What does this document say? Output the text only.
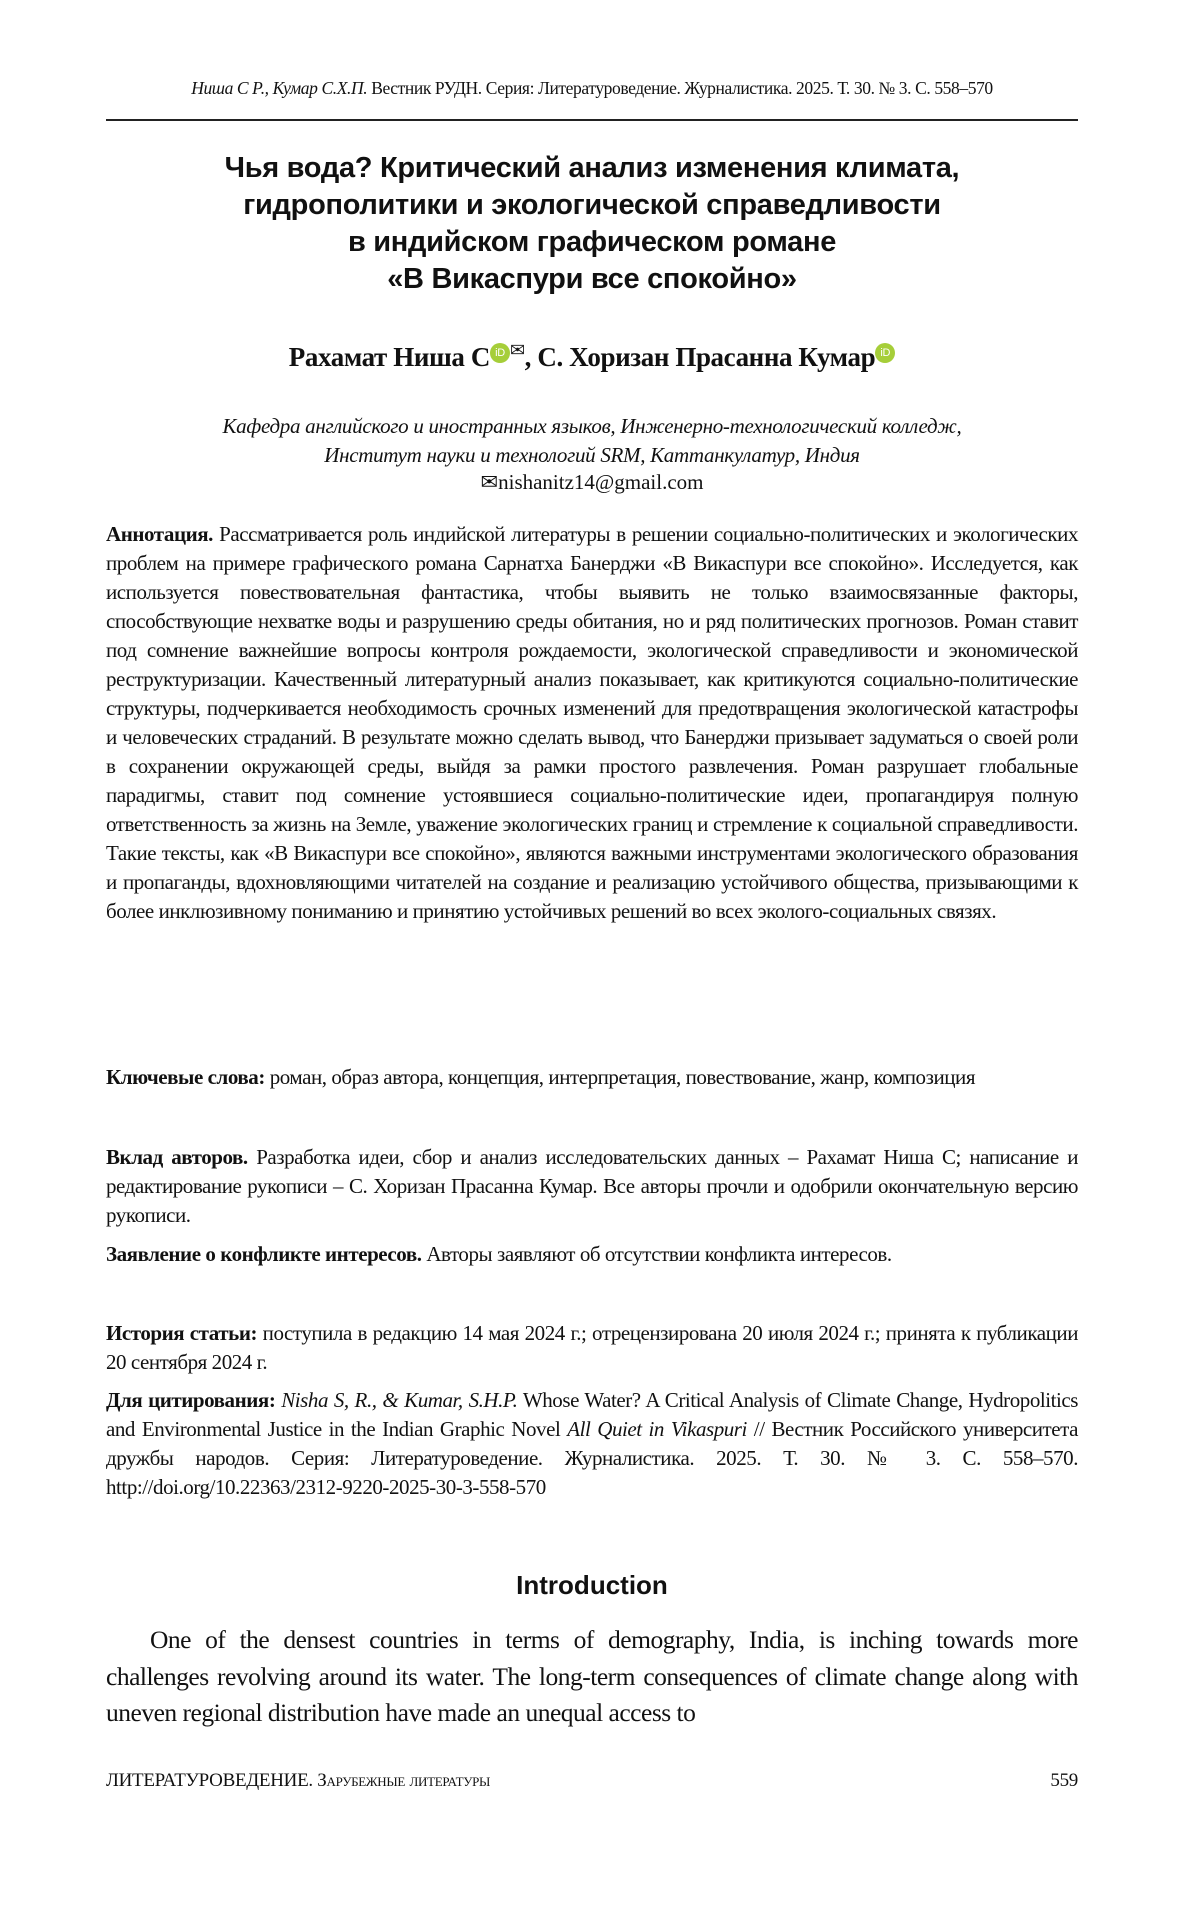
Ниша С Р., Кумар С.Х.П. Вестник РУДН. Серия: Литературоведение. Журналистика. 2025. Т. 30. № 3. С. 558–570
Чья вода? Критический анализ изменения климата,
гидрополитики и экологической справедливости
в индийском графическом романе
«В Викаспури все спокойно»
Рахамат Ниша С iD ✉, С. Хоризан Прасанна Кумар iD
Кафедра английского и иностранных языков, Инженерно-технологический колледж,
Институт науки и технологий SRM, Каттанкулатур, Индия
✉nishanitz14@gmail.com
Аннотация. Рассматривается роль индийской литературы в решении социально-политических и экологических проблем на примере графического романа Сарнатха Банерджи «В Викаспури все спокойно». Исследуется, как используется повествовательная фантастика, чтобы выявить не только взаимосвязанные факторы, способствующие нехватке воды и разрушению среды обитания, но и ряд политических прогнозов. Роман ставит под сомнение важнейшие вопросы контроля рождаемости, экологической справедливости и экономической реструктуризации. Качественный литературный анализ показывает, как критикуются социально-политические структуры, подчеркивается необходимость срочных изменений для предотвращения экологической катастрофы и человеческих страданий. В результате можно сделать вывод, что Банерджи призывает задуматься о своей роли в сохранении окружающей среды, выйдя за рамки простого развлечения. Роман разрушает глобальные парадигмы, ставит под сомнение устоявшиеся социально-политические идеи, пропагандируя полную ответственность за жизнь на Земле, уважение экологических границ и стремление к социальной справедливости. Такие тексты, как «В Викаспури все спокойно», являются важными инструментами экологического образования и пропаганды, вдохновляющими читателей на создание и реализацию устойчивого общества, призывающими к более инклюзивному пониманию и принятию устойчивых решений во всех эколого-социальных связях.
Ключевые слова: роман, образ автора, концепция, интерпретация, повествование, жанр, композиция
Вклад авторов. Разработка идеи, сбор и анализ исследовательских данных – Рахамат Ниша С; написание и редактирование рукописи – С. Хоризан Прасанна Кумар. Все авторы прочли и одобрили окончательную версию рукописи.
Заявление о конфликте интересов. Авторы заявляют об отсутствии конфликта интересов.
История статьи: поступила в редакцию 14 мая 2024 г.; отрецензирована 20 июля 2024 г.; принята к публикации 20 сентября 2024 г.
Для цитирования: Nisha S, R., & Kumar, S.H.P. Whose Water? A Critical Analysis of Climate Change, Hydropolitics and Environmental Justice in the Indian Graphic Novel All Quiet in Vikaspuri // Вестник Российского университета дружбы народов. Серия: Литературоведение. Журналистика. 2025. Т. 30. № 3. С. 558–570. http://doi.org/10.22363/2312-9220-2025-30-3-558-570
Introduction
One of the densest countries in terms of demography, India, is inching towards more challenges revolving around its water. The long-term consequences of climate change along with uneven regional distribution have made an unequal access to
ЛИТЕРАТУРОВЕДЕНИЕ. Зарубежные литературы	559
